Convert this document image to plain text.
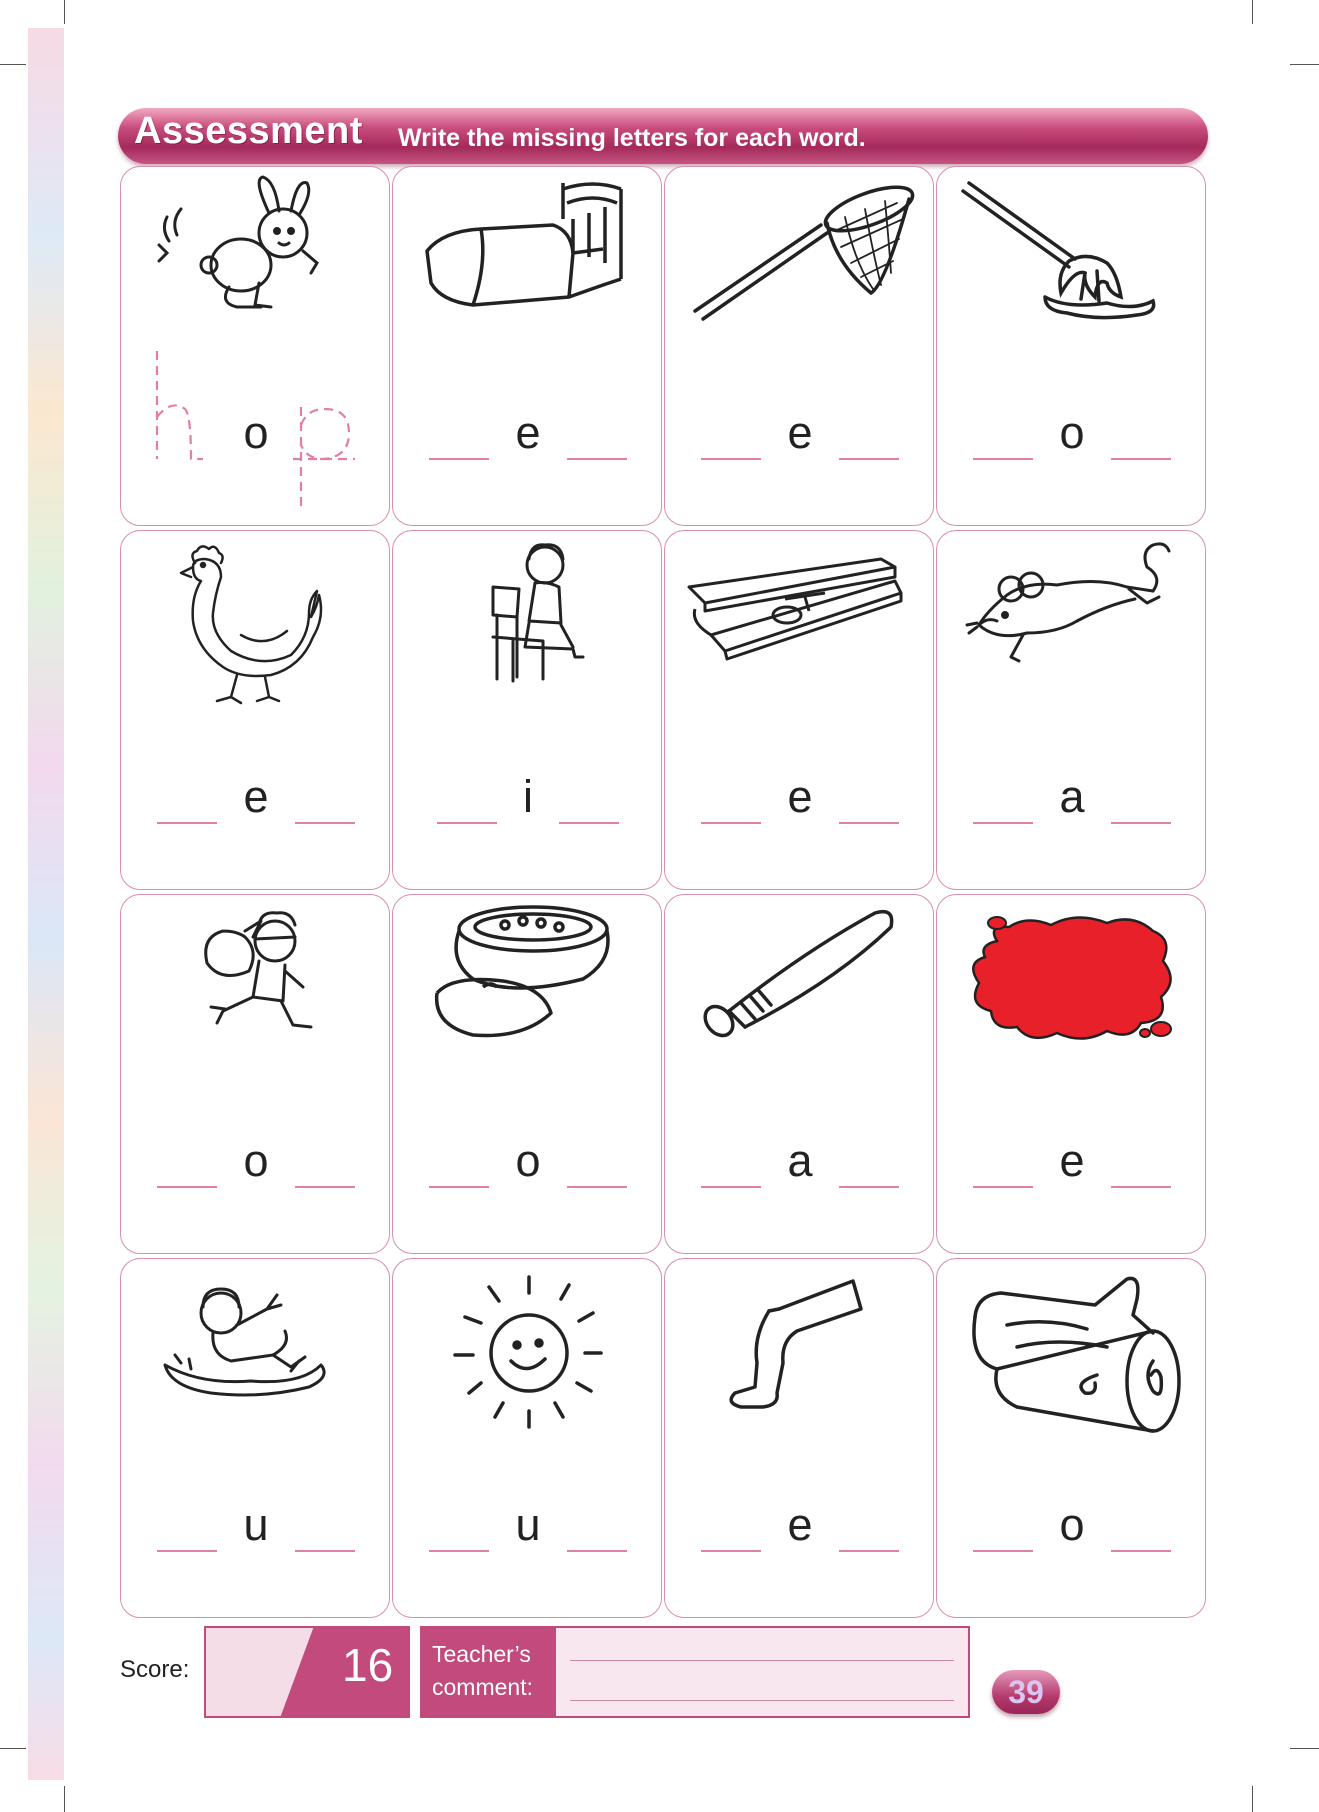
Assessment Write the missing letters for each word.
o	e	e	o
e	i	e	a
o	o	a	e
u	u	e	o
Score:	16 Teacher’s
comment:	39
